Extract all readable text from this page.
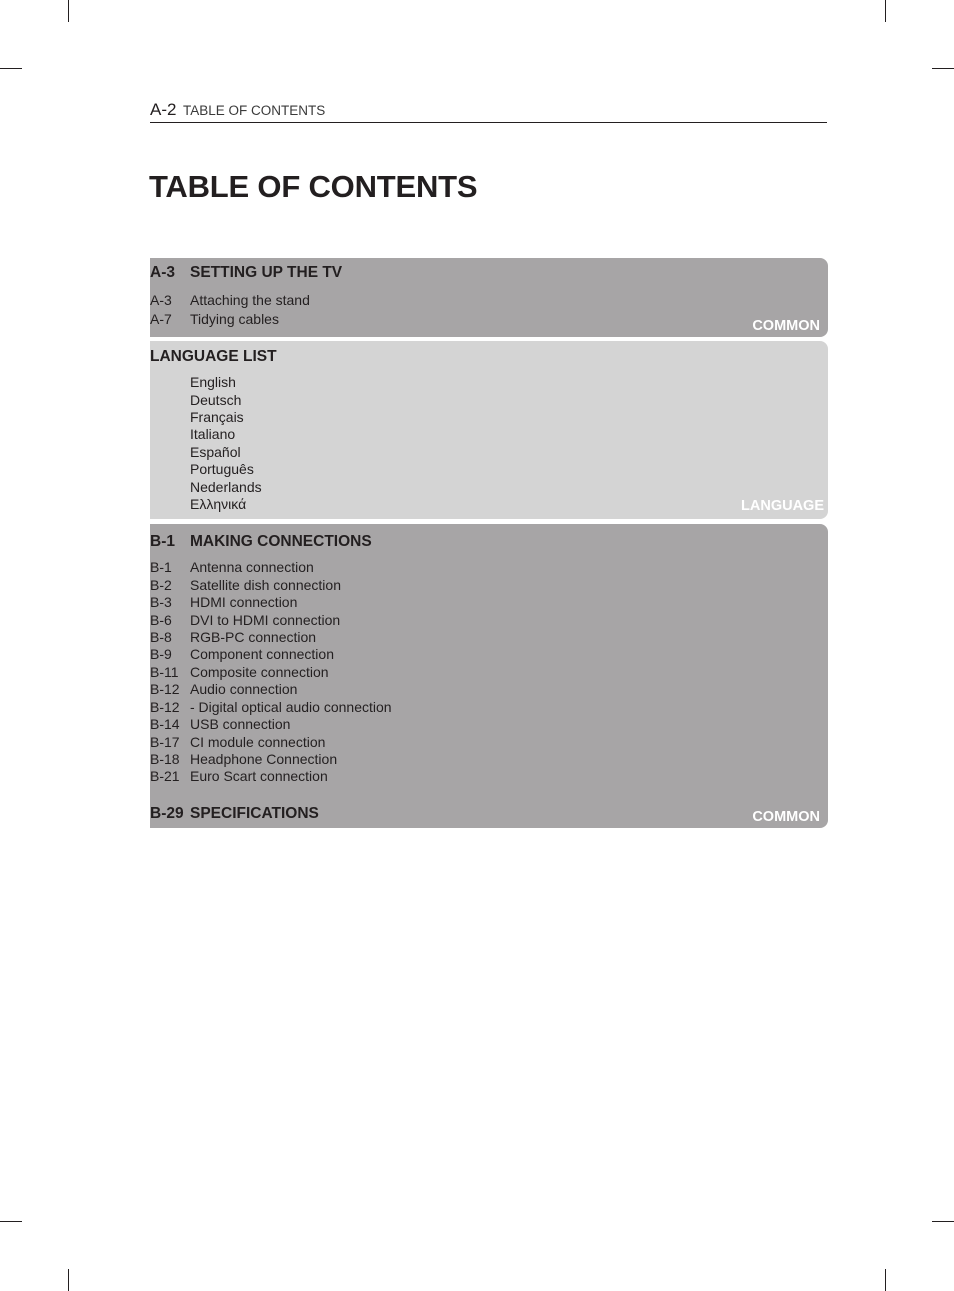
A-2 TABLE OF CONTENTS
TABLE OF CONTENTS
A-3 SETTING UP THE TV
A-3	Attaching the stand
A-7	Tidying cables	COMMON
LANGUAGE LIST
English
Deutsch
Français
Italiano
Español
Português
Nederlands
Ελληνικά	LANGUAGE
B-1 MAKING CONNECTIONS
B-1	Antenna connection
B-2	Satellite dish connection
B-3	HDMI connection
B-6	DVI to HDMI connection
B-8	RGB-PC connection
B-9	Component connection
B-11 Composite connection
B-12 Audio connection
B-12 - Digital optical audio connection
B-14 USB connection
B-17 CI module connection
B-18 Headphone Connection
B-21 Euro Scart connection
B-29 SPECIFICATIONS	COMMON
